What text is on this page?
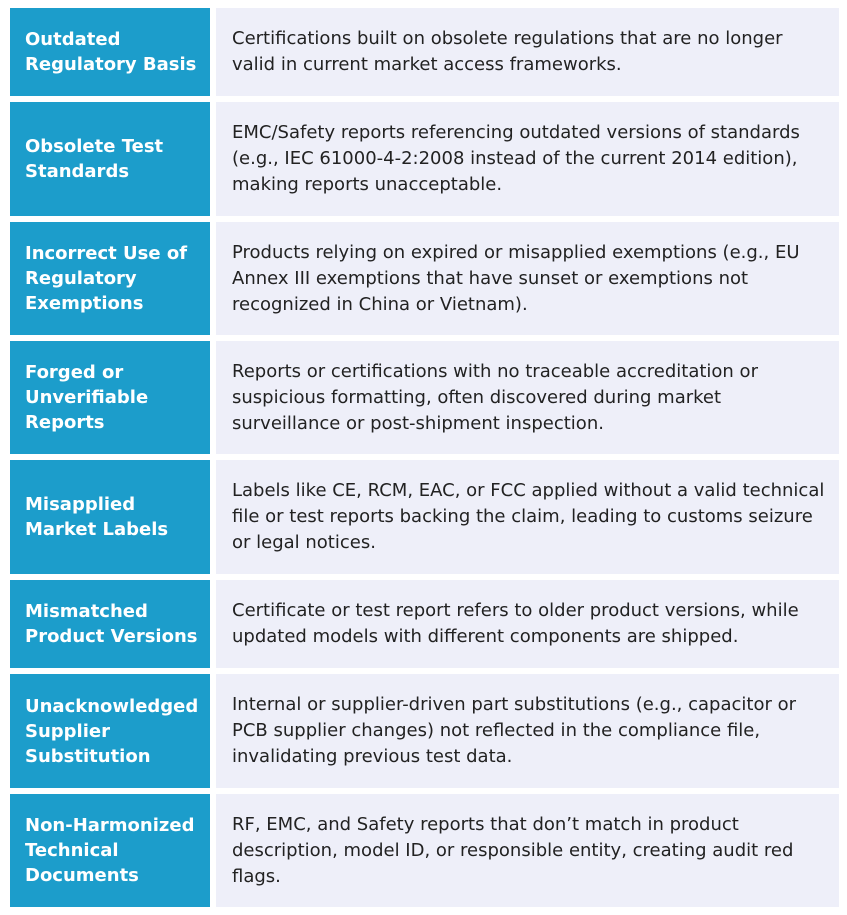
Outdated Regulatory Basis
Certifications built on obsolete regulations that are no longer valid in current market access frameworks.
Obsolete Test Standards
EMC/Safety reports referencing outdated versions of standards (e.g., IEC 61000-4-2:2008 instead of the current 2014 edition), making reports unacceptable.
Incorrect Use of Regulatory Exemptions
Products relying on expired or misapplied exemptions (e.g., EU Annex III exemptions that have sunset or exemptions not recognized in China or Vietnam).
Forged or Unverifiable Reports
Reports or certifications with no traceable accreditation or suspicious formatting, often discovered during market surveillance or post-shipment inspection.
Misapplied Market Labels
Labels like CE, RCM, EAC, or FCC applied without a valid technical file or test reports backing the claim, leading to customs seizure or legal notices.
Mismatched Product Versions
Certificate or test report refers to older product versions, while updated models with different components are shipped.
Unacknowledged Supplier Substitution
Internal or supplier-driven part substitutions (e.g., capacitor or PCB supplier changes) not reflected in the compliance file, invalidating previous test data.
Non-Harmonized Technical Documents
RF, EMC, and Safety reports that don’t match in product description, model ID, or responsible entity, creating audit red flags.
